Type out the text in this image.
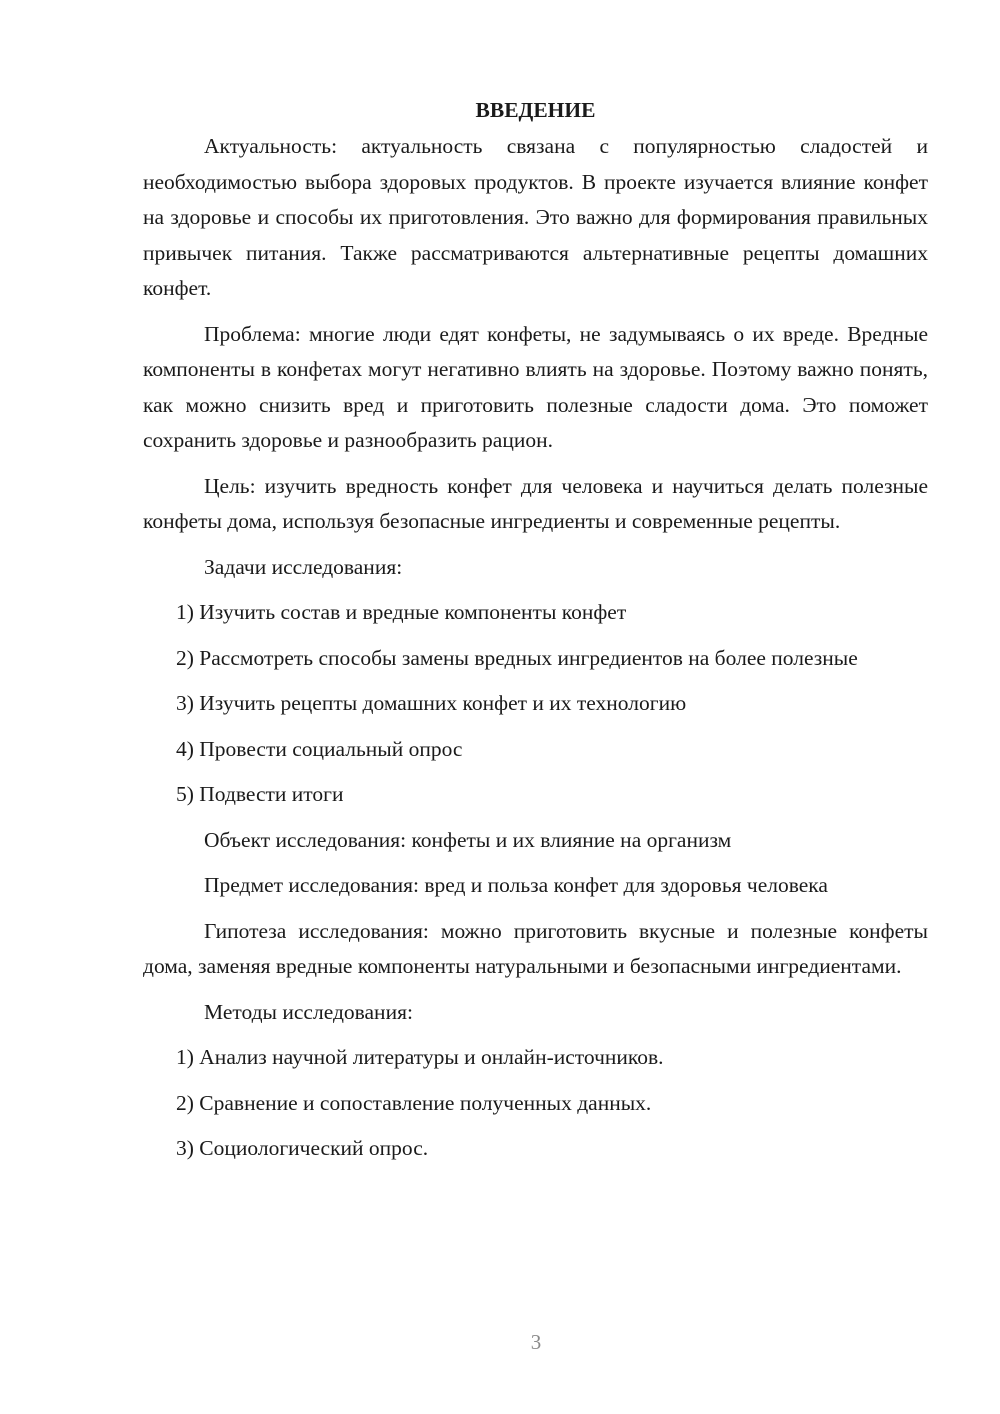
ВВЕДЕНИЕ

Актуальность: актуальность связана с популярностью сладостей и необходимостью выбора здоровых продуктов. В проекте изучается влияние конфет на здоровье и способы их приготовления. Это важно для формирования правильных привычек питания. Также рассматриваются альтернативные рецепты домашних конфет.

Проблема: многие люди едят конфеты, не задумываясь о их вреде. Вредные компоненты в конфетах могут негативно влиять на здоровье. Поэтому важно понять, как можно снизить вред и приготовить полезные сладости дома. Это поможет сохранить здоровье и разнообразить рацион.

Цель: изучить вредность конфет для человека и научиться делать полезные конфеты дома, используя безопасные ингредиенты и современные рецепты.

Задачи исследования:

1) Изучить состав и вредные компоненты конфет

2) Рассмотреть способы замены вредных ингредиентов на более полезные

3) Изучить рецепты домашних конфет и их технологию

4) Провести социальный опрос

5) Подвести итоги

Объект исследования: конфеты и их влияние на организм

Предмет исследования: вред и польза конфет для здоровья человека

Гипотеза исследования: можно приготовить вкусные и полезные конфеты дома, заменяя вредные компоненты натуральными и безопасными ингредиентами.

Методы исследования:

1) Анализ научной литературы и онлайн-источников.

2) Сравнение и сопоставление полученных данных.

3) Социологический опрос.

3
